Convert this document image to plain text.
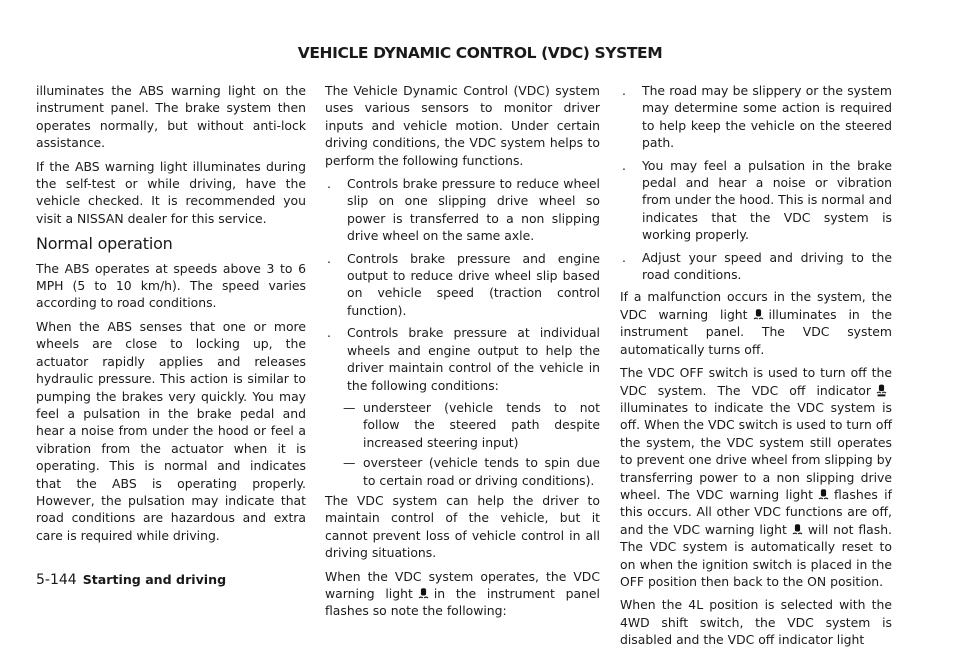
VEHICLE DYNAMIC CONTROL (VDC) SYSTEM

illuminates the ABS warning light on the instrument panel. The brake system then operates normally, but without anti-lock assistance.

If the ABS warning light illuminates during the self-test or while driving, have the vehicle checked. It is recommended you visit a NISSAN dealer for this service.

Normal operation

The ABS operates at speeds above 3 to 6 MPH (5 to 10 km/h). The speed varies according to road conditions.

When the ABS senses that one or more wheels are close to locking up, the actuator rapidly applies and releases hydraulic pressure. This action is similar to pumping the brakes very quickly. You may feel a pulsation in the brake pedal and hear a noise from under the hood or feel a vibration from the actuator when it is operating. This is normal and indicates that the ABS is operating properly. However, the pulsation may indicate that road conditions are hazardous and extra care is required while driving.

The Vehicle Dynamic Control (VDC) system uses various sensors to monitor driver inputs and vehicle motion. Under certain driving conditions, the VDC system helps to perform the following functions.

. Controls brake pressure to reduce wheel slip on one slipping drive wheel so power is transferred to a non slipping drive wheel on the same axle.
. Controls brake pressure and engine output to reduce drive wheel slip based on vehicle speed (traction control function).
. Controls brake pressure at individual wheels and engine output to help the driver maintain control of the vehicle in the following conditions:
— understeer (vehicle tends to not follow the steered path despite increased steering input)
— oversteer (vehicle tends to spin due to certain road or driving conditions).

The VDC system can help the driver to maintain control of the vehicle, but it cannot prevent loss of vehicle control in all driving situations.

When the VDC system operates, the VDC warning light in the instrument panel flashes so note the following:

. The road may be slippery or the system may determine some action is required to help keep the vehicle on the steered path.
. You may feel a pulsation in the brake pedal and hear a noise or vibration from under the hood. This is normal and indicates that the VDC system is working properly.
. Adjust your speed and driving to the road conditions.

If a malfunction occurs in the system, the VDC warning light illuminates in the instrument panel. The VDC system automatically turns off.

The VDC OFF switch is used to turn off the VDC system. The VDC off indicator
illuminates to indicate the VDC system is off. When the VDC switch is used to turn off the system, the VDC system still operates to prevent one drive wheel from slipping by transferring power to a non slipping drive wheel. The VDC warning light flashes if this occurs. All other VDC functions are off, and the VDC warning light will not flash. The VDC system is automatically reset to on when the ignition switch is placed in the OFF position then back to the ON position.

When the 4L position is selected with the 4WD shift switch, the VDC system is disabled and the VDC off indicator light

5-144 Starting and driving
